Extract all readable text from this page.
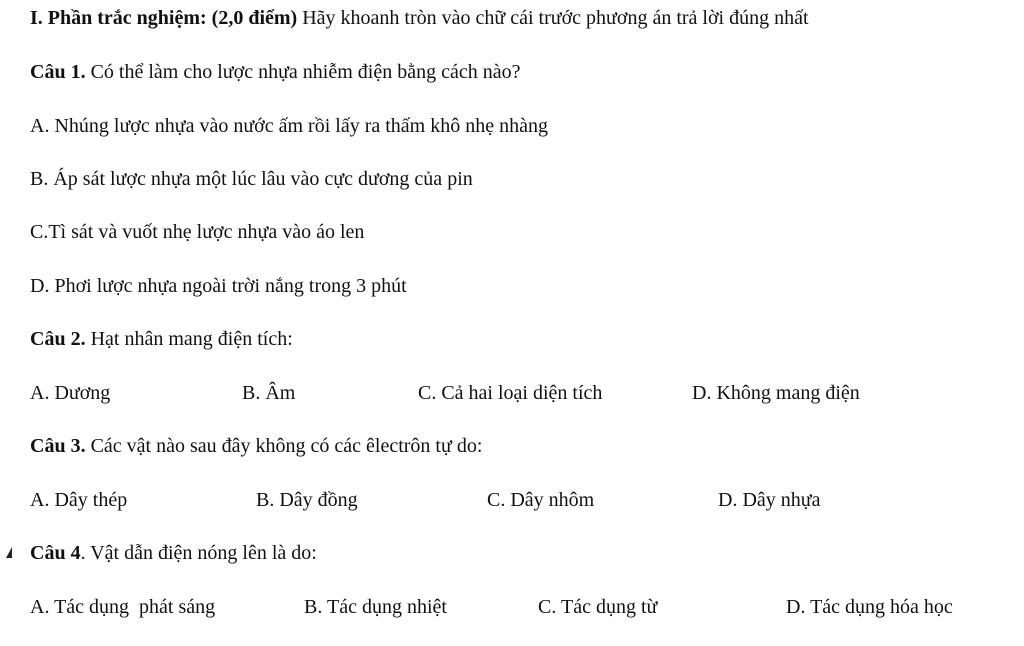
I. Phần trắc nghiệm: (2,0 điểm) Hãy khoanh tròn vào chữ cái trước phương án trả lời đúng nhất
Câu 1. Có thể làm cho lược nhựa nhiễm điện bằng cách nào?
A. Nhúng lược nhựa vào nước ấm rồi lấy ra thấm khô nhẹ nhàng
B. Áp sát lược nhựa một lúc lâu vào cực dương của pin
C.Tì sát và vuốt nhẹ lược nhựa vào áo len
D. Phơi lược nhựa ngoài trời nắng trong 3 phút
Câu 2. Hạt nhân mang điện tích:
A. Dương	B. Âm	C. Cả hai loại diện tích	D. Không mang điện
Câu 3. Các vật nào sau đây không có các êlectrôn tự do:
A. Dây thép	B. Dây đồng	C. Dây nhôm	D. Dây nhựa
Câu 4. Vật dẫn điện nóng lên là do:
A. Tác dụng  phát sáng	B. Tác dụng nhiệt	C. Tác dụng từ	D. Tác dụng hóa học
